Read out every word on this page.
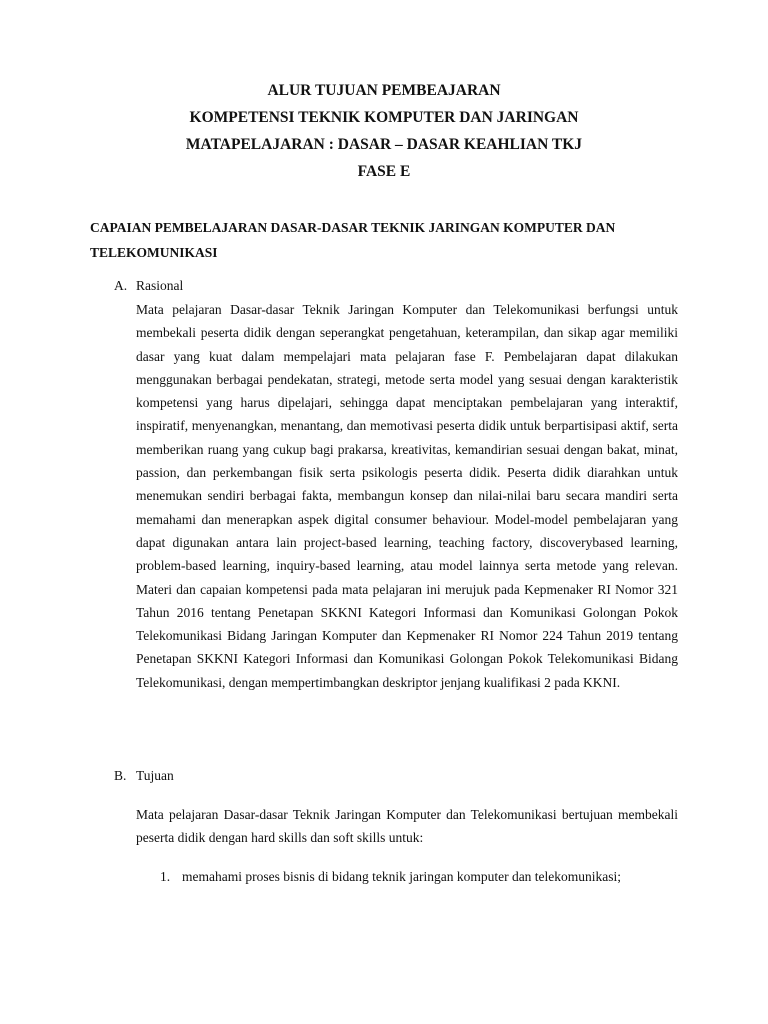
ALUR TUJUAN PEMBEAJARAN
KOMPETENSI TEKNIK KOMPUTER DAN JARINGAN
MATAPELAJARAN : DASAR – DASAR KEAHLIAN TKJ
FASE E
CAPAIAN PEMBELAJARAN DASAR-DASAR TEKNIK JARINGAN KOMPUTER DAN TELEKOMUNIKASI
A. Rasional
Mata pelajaran Dasar-dasar Teknik Jaringan Komputer dan Telekomunikasi berfungsi untuk membekali peserta didik dengan seperangkat pengetahuan, keterampilan, dan sikap agar memiliki dasar yang kuat dalam mempelajari mata pelajaran fase F. Pembelajaran dapat dilakukan menggunakan berbagai pendekatan, strategi, metode serta model yang sesuai dengan karakteristik kompetensi yang harus dipelajari, sehingga dapat menciptakan pembelajaran yang interaktif, inspiratif, menyenangkan, menantang, dan memotivasi peserta didik untuk berpartisipasi aktif, serta memberikan ruang yang cukup bagi prakarsa, kreativitas, kemandirian sesuai dengan bakat, minat, passion, dan perkembangan fisik serta psikologis peserta didik. Peserta didik diarahkan untuk menemukan sendiri berbagai fakta, membangun konsep dan nilai-nilai baru secara mandiri serta memahami dan menerapkan aspek digital consumer behaviour. Model-model pembelajaran yang dapat digunakan antara lain project-based learning, teaching factory, discoverybased learning, problem-based learning, inquiry-based learning, atau model lainnya serta metode yang relevan. Materi dan capaian kompetensi pada mata pelajaran ini merujuk pada Kepmenaker RI Nomor 321 Tahun 2016 tentang Penetapan SKKNI Kategori Informasi dan Komunikasi Golongan Pokok Telekomunikasi Bidang Jaringan Komputer dan Kepmenaker RI Nomor 224 Tahun 2019 tentang Penetapan SKKNI Kategori Informasi dan Komunikasi Golongan Pokok Telekomunikasi Bidang Telekomunikasi, dengan mempertimbangkan deskriptor jenjang kualifikasi 2 pada KKNI.
B. Tujuan
Mata pelajaran Dasar-dasar Teknik Jaringan Komputer dan Telekomunikasi bertujuan membekali peserta didik dengan hard skills dan soft skills untuk:
1. memahami proses bisnis di bidang teknik jaringan komputer dan telekomunikasi;
